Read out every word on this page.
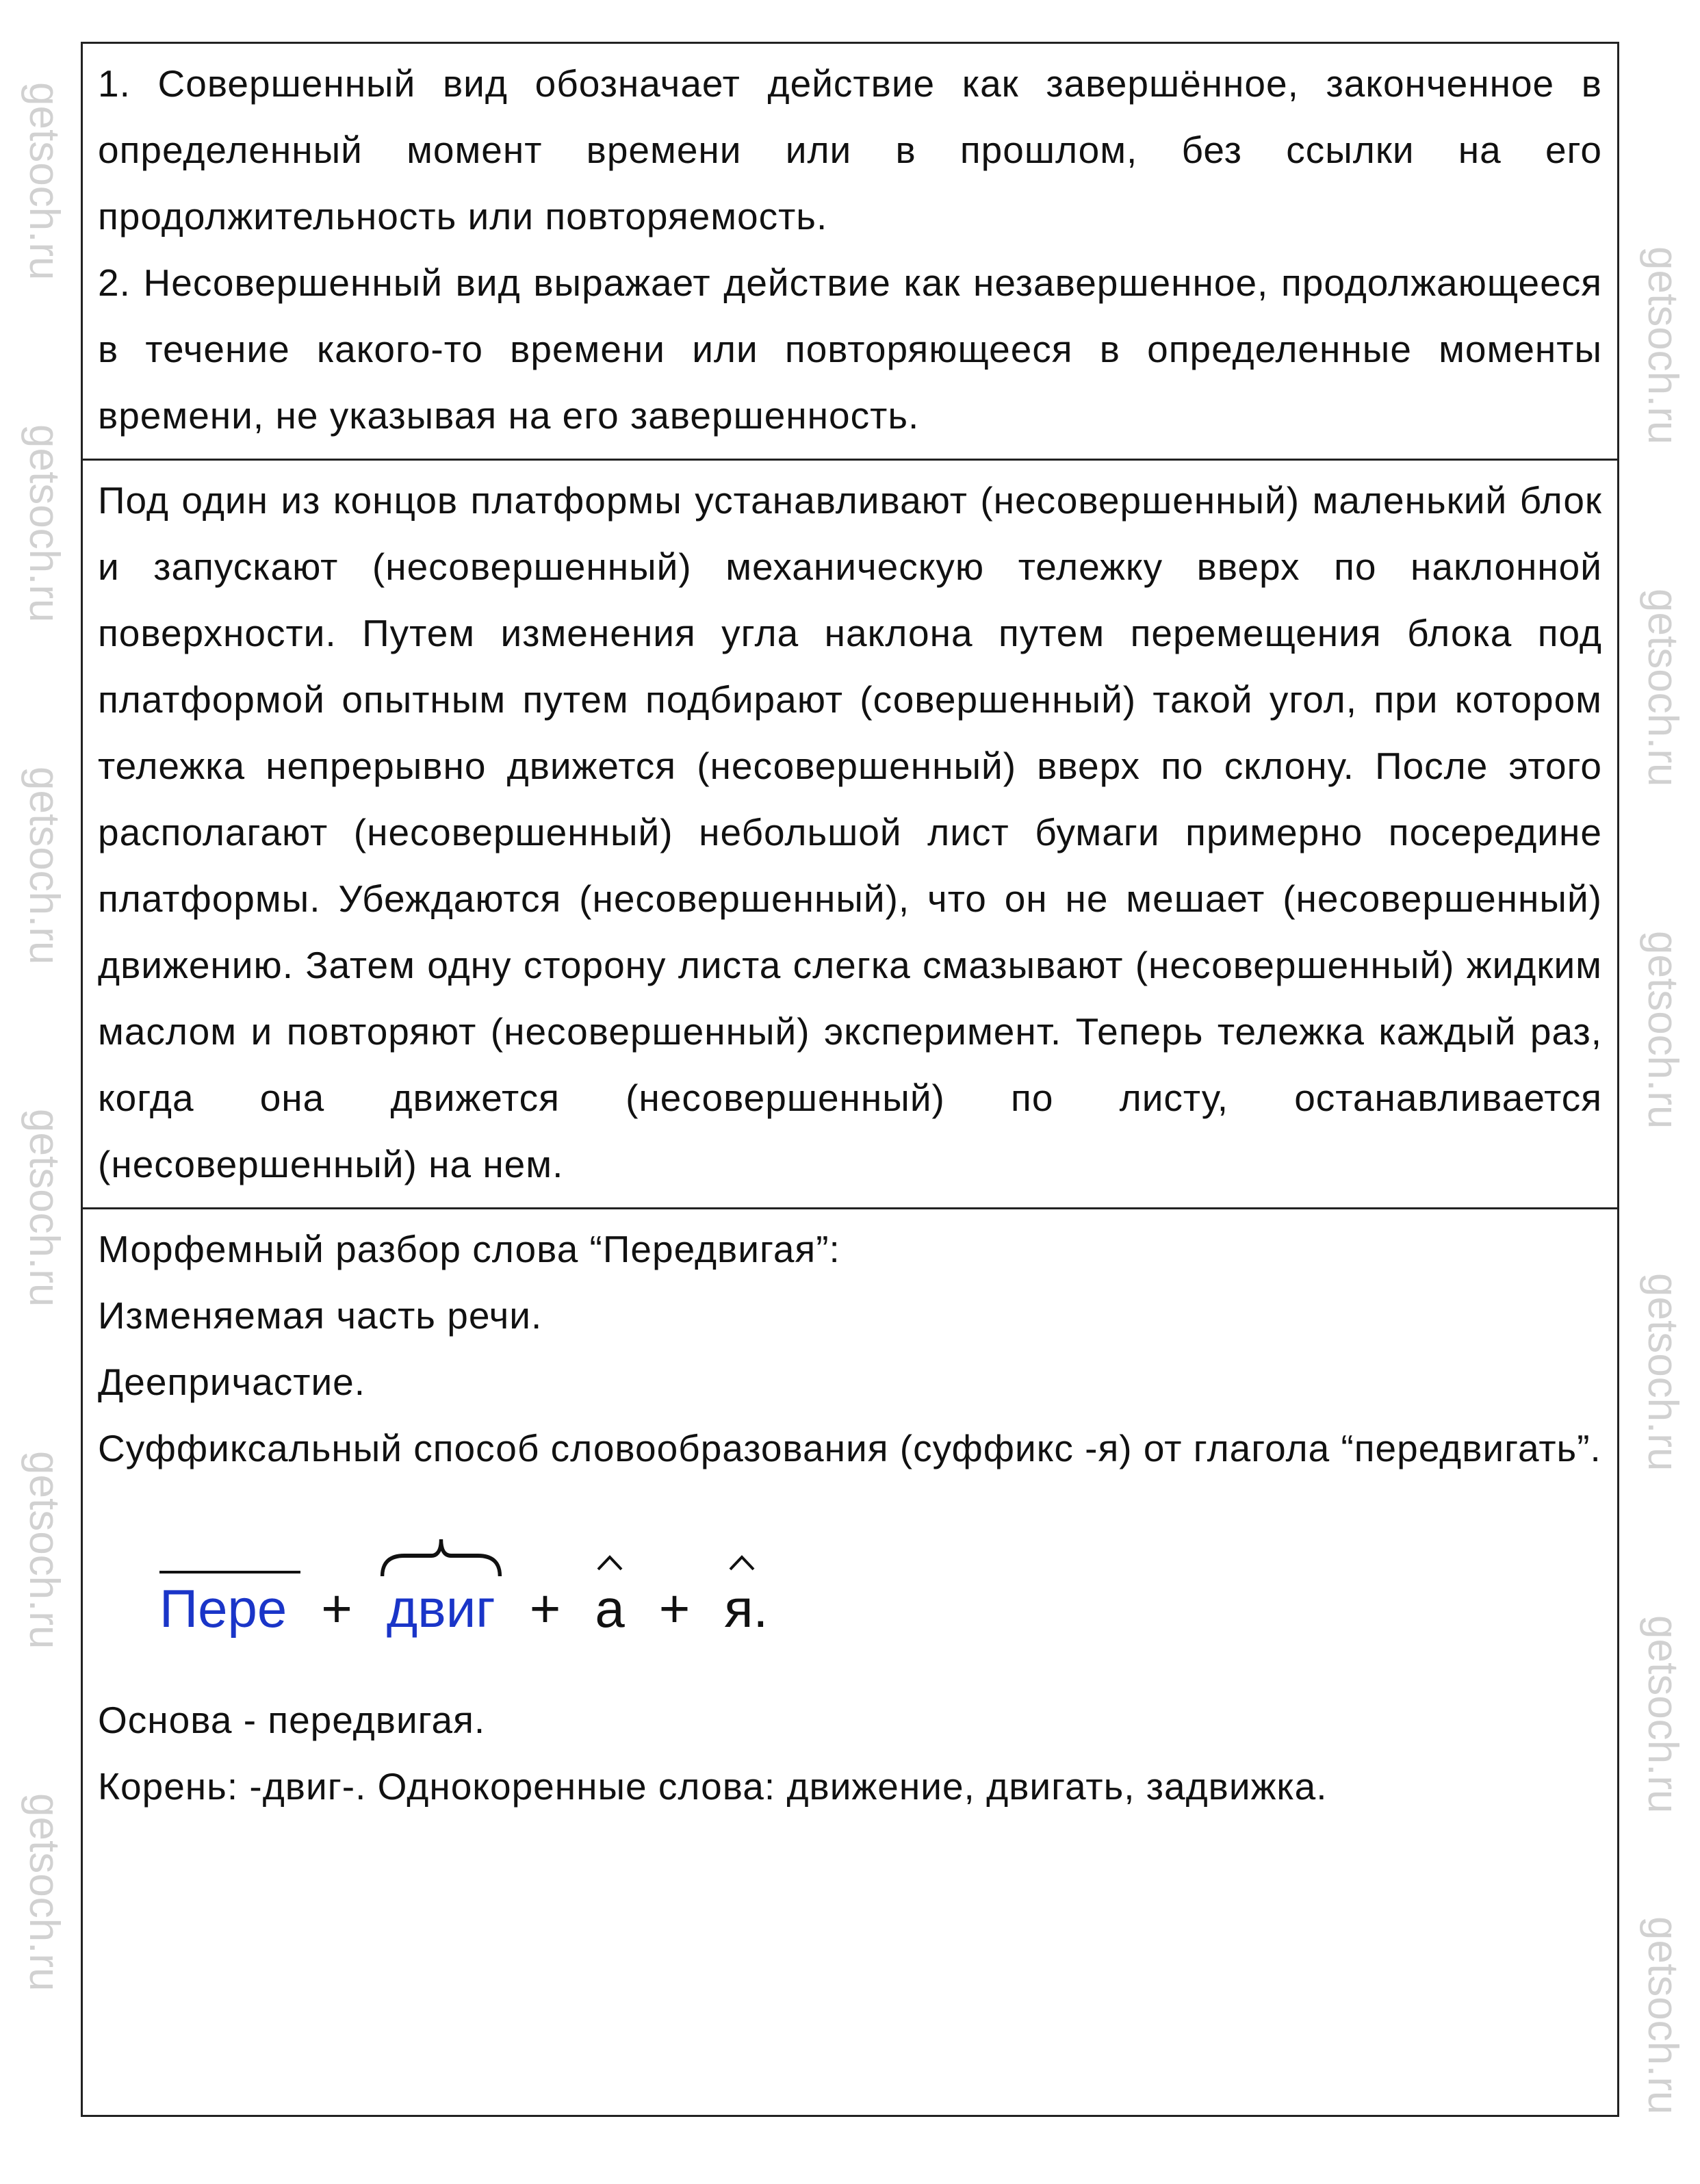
1. Совершенный вид обозначает действие как завершённое, законченное в определенный момент времени или в прошлом, без ссылки на его продолжительность или повторяемость.

2. Несовершенный вид выражает действие как незавершенное, продолжающееся в течение какого-то времени или повторяющееся в определенные моменты времени, не указывая на его завершенность.

Под один из концов платформы устанавливают (несовершенный) маленький блок и запускают (несовершенный) механическую тележку вверх по наклонной поверхности. Путем изменения угла наклона путем перемещения блока под платформой опытным путем подбирают (совершенный) такой угол, при котором тележка непрерывно движется (несовершенный) вверх по склону. После этого располагают (несовершенный) небольшой лист бумаги примерно посередине платформы. Убеждаются (несовершенный), что он не мешает (несовершенный) движению. Затем одну сторону листа слегка смазывают (несовершенный) жидким маслом и повторяют (несовершенный) эксперимент. Теперь тележка каждый раз, когда она движется (несовершенный) по листу, останавливается (несовершенный) на нем.

Морфемный разбор слова “Передвигая”:

Изменяемая часть речи.

Деепричастие.

Суффиксальный способ словообразования (суффикс -я) от глагола “передвигать”.

Пере + двиг + а + я.

Основа - передвигая.

Корень: -двиг-. Однокоренные слова: движение, двигать, задвижка.

getsoch.ru
getsoch.ru
getsoch.ru
getsoch.ru
getsoch.ru
getsoch.ru
getsoch.ru
getsoch.ru
getsoch.ru
getsoch.ru
getsoch.ru
getsoch.ru
